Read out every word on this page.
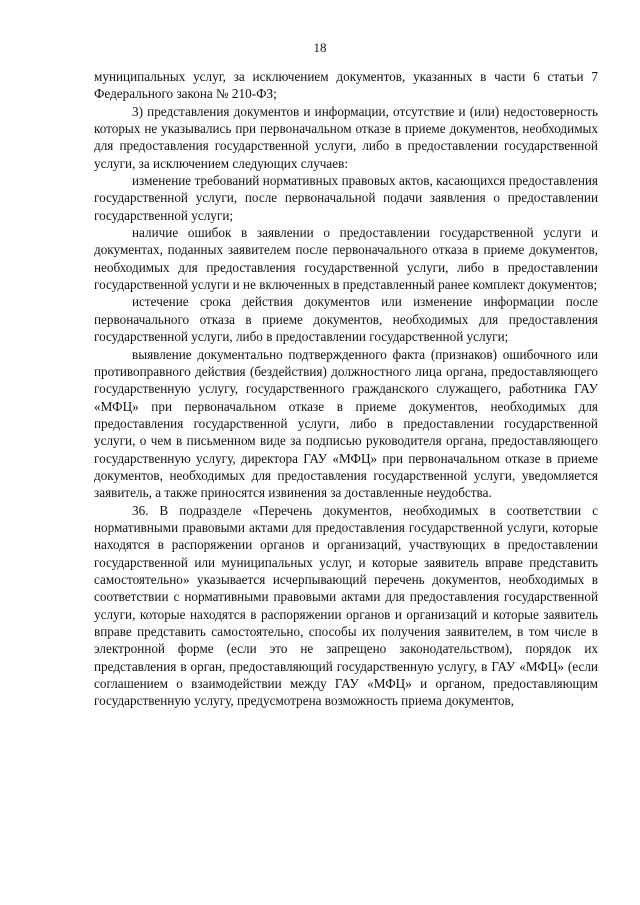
18

муниципальных услуг, за исключением документов, указанных в части 6 статьи 7 Федерального закона № 210-ФЗ;

3) представления документов и информации, отсутствие и (или) недостоверность которых не указывались при первоначальном отказе в приеме документов, необходимых для предоставления государственной услуги, либо в предоставлении государственной услуги, за исключением следующих случаев:

изменение требований нормативных правовых актов, касающихся предоставления государственной услуги, после первоначальной подачи заявления о предоставлении государственной услуги;

наличие ошибок в заявлении о предоставлении государственной услуги и документах, поданных заявителем после первоначального отказа в приеме документов, необходимых для предоставления государственной услуги, либо в предоставлении государственной услуги и не включенных в представленный ранее комплект документов;

истечение срока действия документов или изменение информации после первоначального отказа в приеме документов, необходимых для предоставления государственной услуги, либо в предоставлении государственной услуги;

выявление документально подтвержденного факта (признаков) ошибочного или противоправного действия (бездействия) должностного лица органа, предоставляющего государственную услугу, государственного гражданского служащего, работника ГАУ «МФЦ» при первоначальном отказе в приеме документов, необходимых для предоставления государственной услуги, либо в предоставлении государственной услуги, о чем в письменном виде за подписью руководителя органа, предоставляющего государственную услугу, директора ГАУ «МФЦ» при первоначальном отказе в приеме документов, необходимых для предоставления государственной услуги, уведомляется заявитель, а также приносятся извинения за доставленные неудобства.

36. В подразделе «Перечень документов, необходимых в соответствии с нормативными правовыми актами для предоставления государственной услуги, которые находятся в распоряжении органов и организаций, участвующих в предоставлении государственной или муниципальных услуг, и которые заявитель вправе представить самостоятельно» указывается исчерпывающий перечень документов, необходимых в соответствии с нормативными правовыми актами для предоставления государственной услуги, которые находятся в распоряжении органов и организаций и которые заявитель вправе представить самостоятельно, способы их получения заявителем, в том числе в электронной форме (если это не запрещено законодательством), порядок их представления в орган, предоставляющий государственную услугу, в ГАУ «МФЦ» (если соглашением о взаимодействии между ГАУ «МФЦ» и органом, предоставляющим государственную услугу, предусмотрена возможность приема документов,
